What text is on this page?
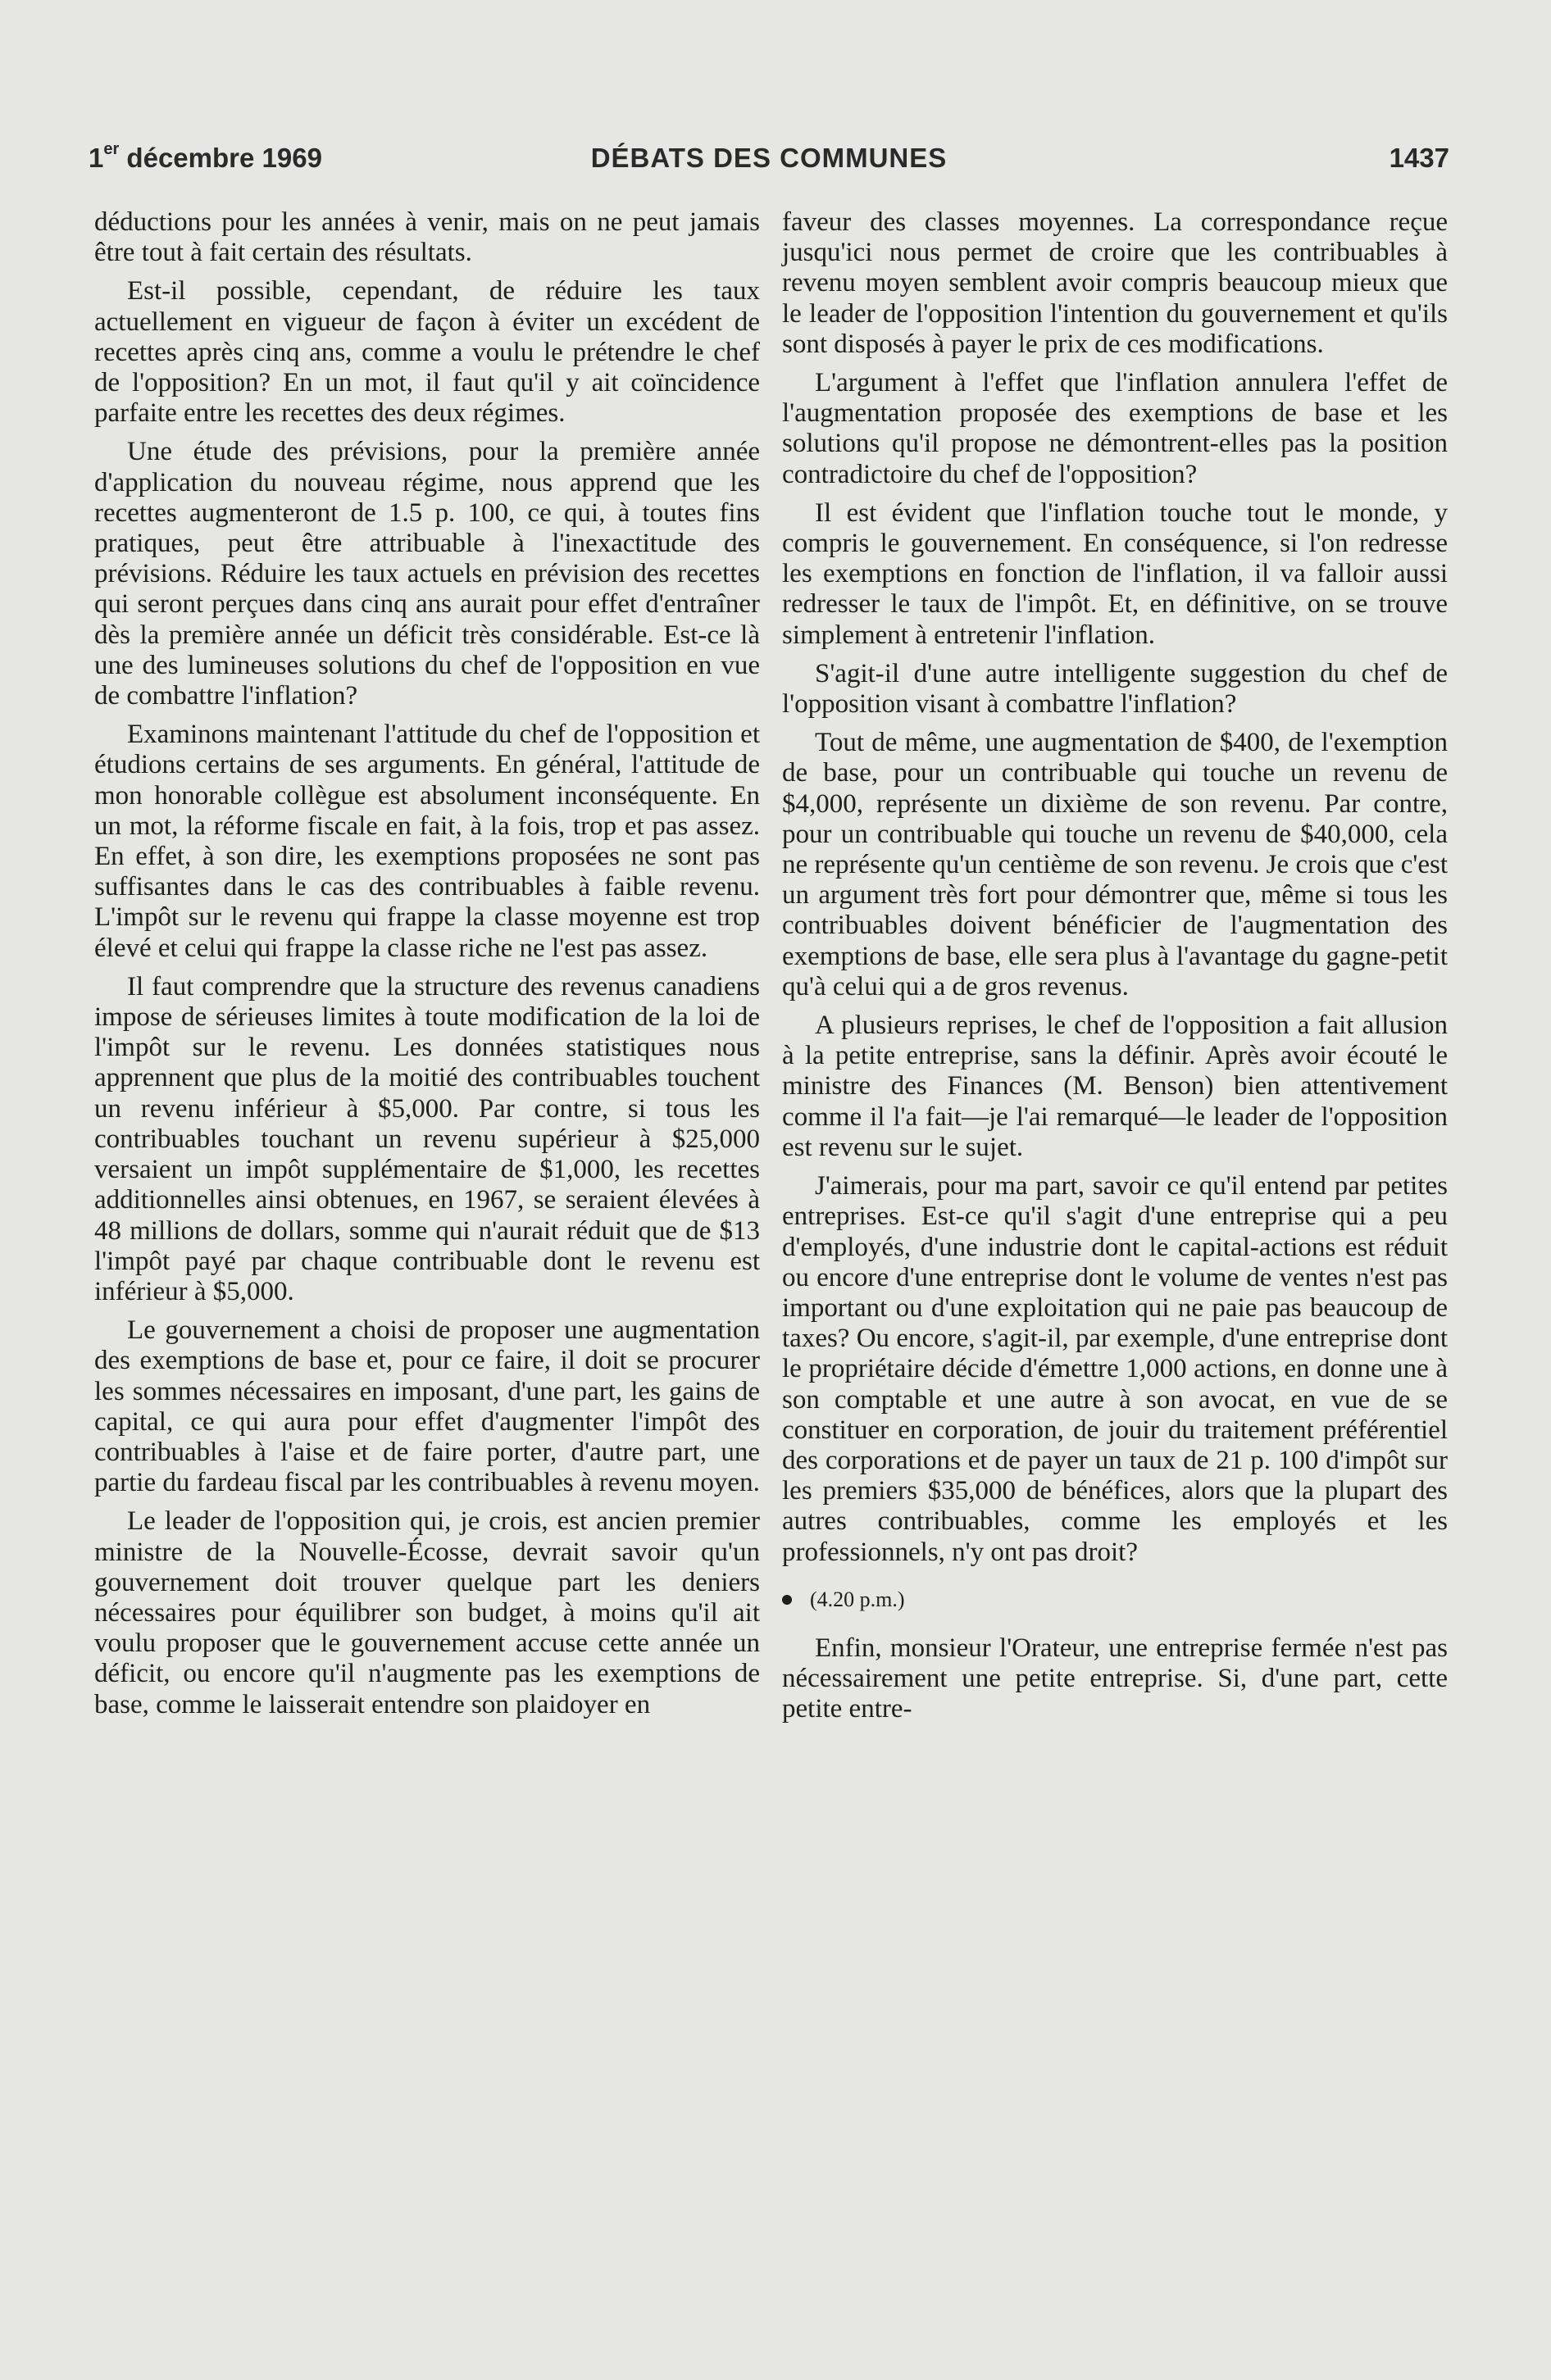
1er décembre 1969	DÉBATS DES COMMUNES	1437

déductions pour les années à venir, mais on ne peut jamais être tout à fait certain des résultats.

Est-il possible, cependant, de réduire les taux actuellement en vigueur de façon à éviter un excédent de recettes après cinq ans, comme a voulu le prétendre le chef de l'opposition? En un mot, il faut qu'il y ait coïncidence parfaite entre les recettes des deux régimes.

Une étude des prévisions, pour la première année d'application du nouveau régime, nous apprend que les recettes augmenteront de 1.5 p. 100, ce qui, à toutes fins pratiques, peut être attribuable à l'inexactitude des prévisions. Réduire les taux actuels en prévision des recettes qui seront perçues dans cinq ans aurait pour effet d'entraîner dès la première année un déficit très considérable. Est-ce là une des lumineuses solutions du chef de l'opposition en vue de combattre l'inflation?

Examinons maintenant l'attitude du chef de l'opposition et étudions certains de ses arguments. En général, l'attitude de mon honorable collègue est absolument inconséquente. En un mot, la réforme fiscale en fait, à la fois, trop et pas assez. En effet, à son dire, les exemptions proposées ne sont pas suffisantes dans le cas des contribuables à faible revenu. L'impôt sur le revenu qui frappe la classe moyenne est trop élevé et celui qui frappe la classe riche ne l'est pas assez.

Il faut comprendre que la structure des revenus canadiens impose de sérieuses limites à toute modification de la loi de l'impôt sur le revenu. Les données statistiques nous apprennent que plus de la moitié des contribuables touchent un revenu inférieur à $5,000. Par contre, si tous les contribuables touchant un revenu supérieur à $25,000 versaient un impôt supplémentaire de $1,000, les recettes additionnelles ainsi obtenues, en 1967, se seraient élevées à 48 millions de dollars, somme qui n'aurait réduit que de $13 l'impôt payé par chaque contribuable dont le revenu est inférieur à $5,000.

Le gouvernement a choisi de proposer une augmentation des exemptions de base et, pour ce faire, il doit se procurer les sommes nécessaires en imposant, d'une part, les gains de capital, ce qui aura pour effet d'augmenter l'impôt des contribuables à l'aise et de faire porter, d'autre part, une partie du fardeau fiscal par les contribuables à revenu moyen.

Le leader de l'opposition qui, je crois, est ancien premier ministre de la Nouvelle-Écosse, devrait savoir qu'un gouvernement doit trouver quelque part les deniers nécessaires pour équilibrer son budget, à moins qu'il ait voulu proposer que le gouvernement accuse cette année un déficit, ou encore qu'il n'augmente pas les exemptions de base, comme le laisserait entendre son plaidoyer en

faveur des classes moyennes. La correspondance reçue jusqu'ici nous permet de croire que les contribuables à revenu moyen semblent avoir compris beaucoup mieux que le leader de l'opposition l'intention du gouvernement et qu'ils sont disposés à payer le prix de ces modifications.

L'argument à l'effet que l'inflation annulera l'effet de l'augmentation proposée des exemptions de base et les solutions qu'il propose ne démontrent-elles pas la position contradictoire du chef de l'opposition?

Il est évident que l'inflation touche tout le monde, y compris le gouvernement. En conséquence, si l'on redresse les exemptions en fonction de l'inflation, il va falloir aussi redresser le taux de l'impôt. Et, en définitive, on se trouve simplement à entretenir l'inflation.

S'agit-il d'une autre intelligente suggestion du chef de l'opposition visant à combattre l'inflation?

Tout de même, une augmentation de $400, de l'exemption de base, pour un contribuable qui touche un revenu de $4,000, représente un dixième de son revenu. Par contre, pour un contribuable qui touche un revenu de $40,000, cela ne représente qu'un centième de son revenu. Je crois que c'est un argument très fort pour démontrer que, même si tous les contribuables doivent bénéficier de l'augmentation des exemptions de base, elle sera plus à l'avantage du gagne-petit qu'à celui qui a de gros revenus.

A plusieurs reprises, le chef de l'opposition a fait allusion à la petite entreprise, sans la définir. Après avoir écouté le ministre des Finances (M. Benson) bien attentivement comme il l'a fait—je l'ai remarqué—le leader de l'opposition est revenu sur le sujet.

J'aimerais, pour ma part, savoir ce qu'il entend par petites entreprises. Est-ce qu'il s'agit d'une entreprise qui a peu d'employés, d'une industrie dont le capital-actions est réduit ou encore d'une entreprise dont le volume de ventes n'est pas important ou d'une exploitation qui ne paie pas beaucoup de taxes? Ou encore, s'agit-il, par exemple, d'une entreprise dont le propriétaire décide d'émettre 1,000 actions, en donne une à son comptable et une autre à son avocat, en vue de se constituer en corporation, de jouir du traitement préférentiel des corporations et de payer un taux de 21 p. 100 d'impôt sur les premiers $35,000 de bénéfices, alors que la plupart des autres contribuables, comme les employés et les professionnels, n'y ont pas droit?

(4.20 p.m.)

Enfin, monsieur l'Orateur, une entreprise fermée n'est pas nécessairement une petite entreprise. Si, d'une part, cette petite entre-
